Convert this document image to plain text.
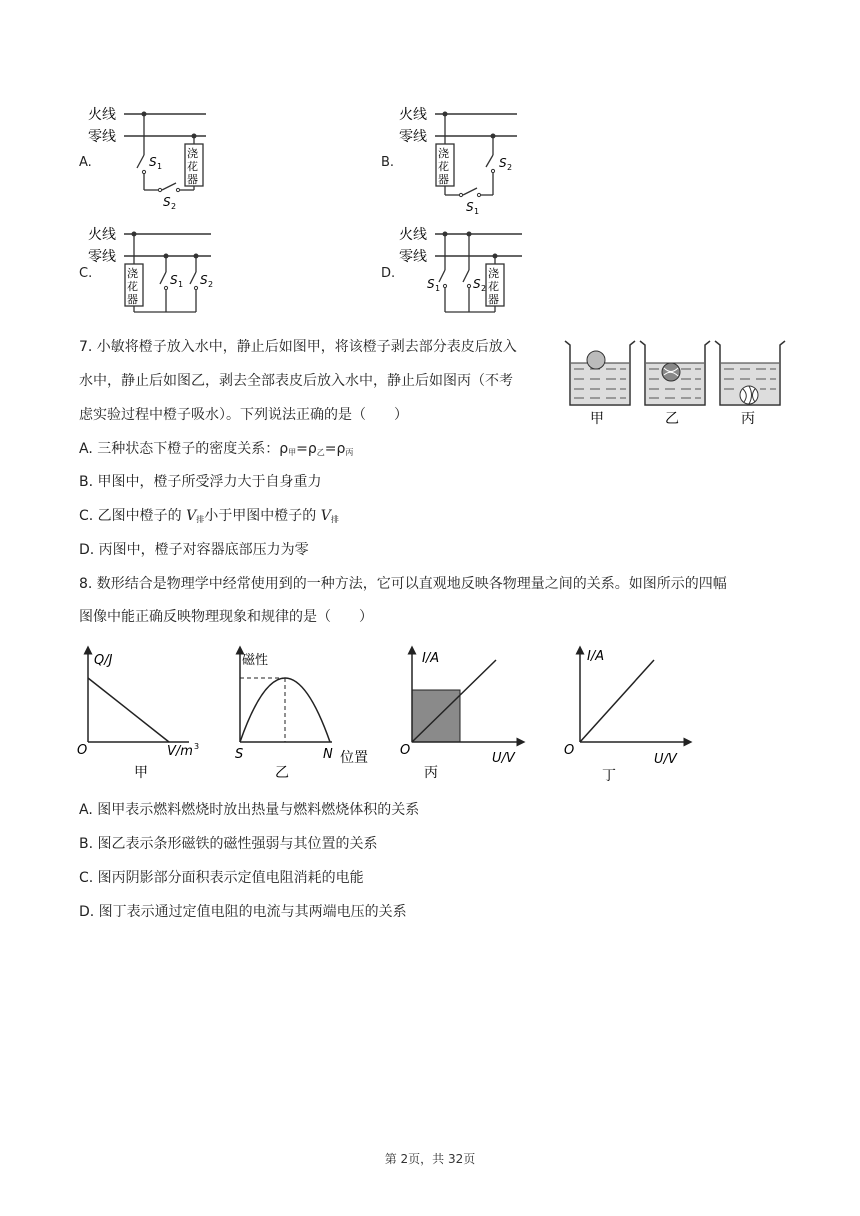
A.
火线
零线
S 1
S 2
浇
花
器
B.
火线
零线
浇
花
器
S 1
S 2
C.
火线
零线
浇
花
器
S 1 S 2
D.
火线
零线
S 1	S 2
浇
花
器
7. 小敏将橙子放入水中，静止后如图甲，将该橙子剥去部分表皮后放入
水中，静止后如图乙，剥去全部表皮后放入水中，静止后如图丙（不考
虑实验过程中橙子吸水）。下列说法正确的是（　　）	甲	乙	丙
A. 三种状态下橙子的密度关系：$\rho_甲=\rho_乙=\rho_丙$
B. 甲图中，橙子所受浮力大于自身重力
C. 乙图中橙子的 $V_排$小于甲图中橙子的 $V_排$
D. 丙图中，橙子对容器底部压力为零
8. 数形结合是物理学中经常使用到的一种方法，它可以直观地反映各物理量之间的关系。如图所示的四幅
图像中能正确反映物理现象和规律的是（　　）
Q/J
O	V/m 3
甲
磁性
S	N 位置
乙
I/A
O
U/V
丙
I/A
O
U/V
丁
A. 图甲表示燃料燃烧时放出热量与燃料燃烧体积的关系
B. 图乙表示条形磁铁的磁性强弱与其位置的关系
C. 图丙阴影部分面积表示定值电阻消耗的电能
D. 图丁表示通过定值电阻的电流与其两端电压的关系
第 2页，共 32页
